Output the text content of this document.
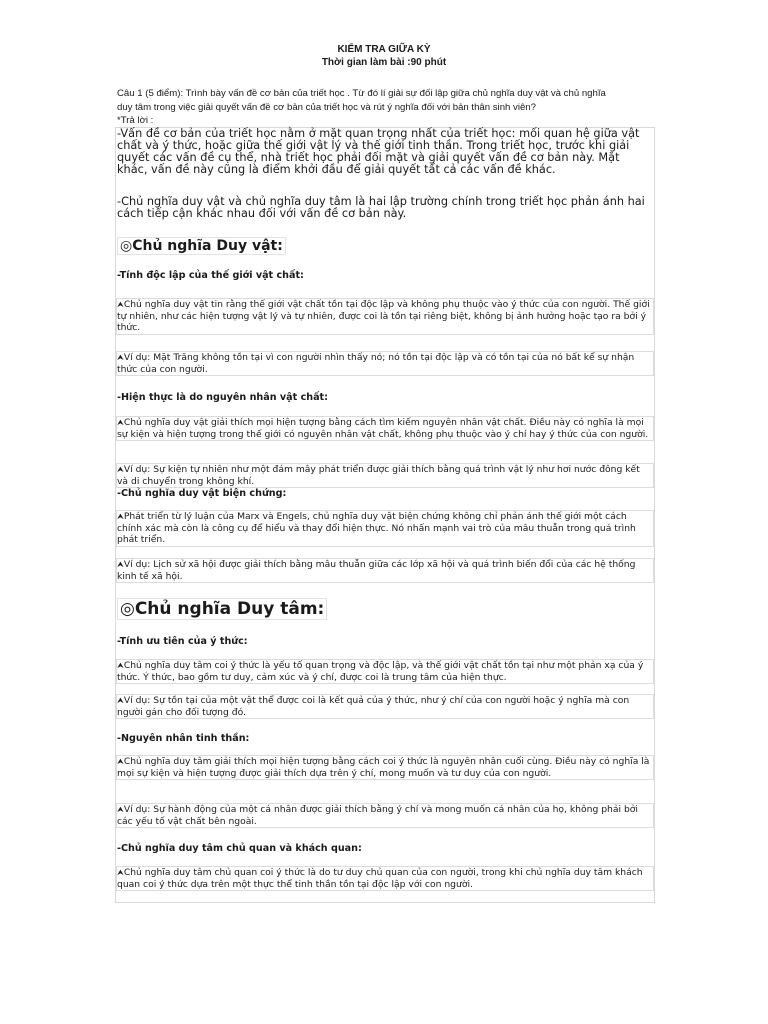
KIỂM TRA GIỮA KỲ
Thời gian làm bài :90 phút
Câu 1 (5 điểm): Trình bày vấn đề cơ bản của triết học . Từ đó lí giải sự đối lập giữa chủ nghĩa duy vật và chủ nghĩa
duy tâm trong việc giải quyết vấn đề cơ bản của triết học và rút ý nghĩa đối với bản thân sinh viên?
*Trả lời :
-Vấn đề cơ bản của triết học nằm ở mặt quan trọng nhất của triết học: mối quan hệ giữa vật chất và ý thức, hoặc giữa thế giới vật lý và thế giới tinh thần. Trong triết học, trước khi giải quyết các vấn đề cụ thể, nhà triết học phải đối mặt và giải quyết vấn đề cơ bản này. Mặt khác, vấn đề này cũng là điểm khởi đầu để giải quyết tất cả các vấn đề khác.
-Chủ nghĩa duy vật và chủ nghĩa duy tâm là hai lập trường chính trong triết học phản ánh hai cách tiếp cận khác nhau đối với vấn đề cơ bản này.
◎Chủ nghĩa Duy vật:
-Tính độc lập của thế giới vật chất:
⮝Chủ nghĩa duy vật tin rằng thế giới vật chất tồn tại độc lập và không phụ thuộc vào ý thức của con người. Thế giới tự nhiên, như các hiện tượng vật lý và tự nhiên, được coi là tồn tại riêng biệt, không bị ảnh hưởng hoặc tạo ra bởi ý thức.
⮝Ví dụ: Mặt Trăng không tồn tại vì con người nhìn thấy nó; nó tồn tại độc lập và có tồn tại của nó bất kể sự nhận thức của con người.
-Hiện thực là do nguyên nhân vật chất:
⮝Chủ nghĩa duy vật giải thích mọi hiện tượng bằng cách tìm kiếm nguyên nhân vật chất. Điều này có nghĩa là mọi sự kiện và hiện tượng trong thế giới có nguyên nhân vật chất, không phụ thuộc vào ý chí hay ý thức của con người.
⮝Ví dụ: Sự kiện tự nhiên như một đám mây phát triển được giải thích bằng quá trình vật lý như hơi nước đông kết và di chuyển trong không khí.
-Chủ nghĩa duy vật biện chứng:
⮝Phát triển từ lý luận của Marx và Engels, chủ nghĩa duy vật biện chứng không chỉ phản ánh thế giới một cách chính xác mà còn là công cụ để hiểu và thay đổi hiện thực. Nó nhấn mạnh vai trò của mâu thuẫn trong quá trình phát triển.
⮝Ví dụ: Lịch sử xã hội được giải thích bằng mâu thuẫn giữa các lớp xã hội và quá trình biến đổi của các hệ thống kinh tế xã hội.
◎Chủ nghĩa Duy tâm:
-Tính ưu tiên của ý thức:
⮝Chủ nghĩa duy tâm coi ý thức là yếu tố quan trọng và độc lập, và thế giới vật chất tồn tại như một phản xạ của ý thức. Ý thức, bao gồm tư duy, cảm xúc và ý chí, được coi là trung tâm của hiện thực.
⮝Ví dụ: Sự tồn tại của một vật thể được coi là kết quả của ý thức, như ý chí của con người hoặc ý nghĩa mà con người gán cho đối tượng đó.
-Nguyên nhân tinh thần:
⮝Chủ nghĩa duy tâm giải thích mọi hiện tượng bằng cách coi ý thức là nguyên nhân cuối cùng. Điều này có nghĩa là mọi sự kiện và hiện tượng được giải thích dựa trên ý chí, mong muốn và tư duy của con người.
⮝Ví dụ: Sự hành động của một cá nhân được giải thích bằng ý chí và mong muốn cá nhân của họ, không phải bởi các yếu tố vật chất bên ngoài.
-Chủ nghĩa duy tâm chủ quan và khách quan:
⮝Chủ nghĩa duy tâm chủ quan coi ý thức là do tư duy chủ quan của con người, trong khi chủ nghĩa duy tâm khách quan coi ý thức dựa trên một thực thể tinh thần tồn tại độc lập với con người.
